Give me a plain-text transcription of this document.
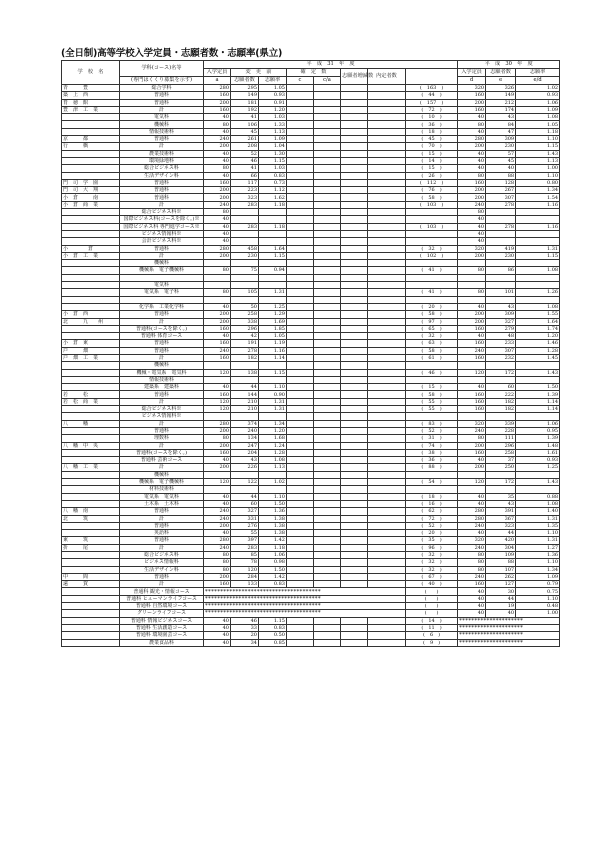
(全日制)高等学校入学定員・志願者数・志願率(県立)
学　校　名	学科(コース)名等	平　成　31　年　度								平　成　30　年　度		
		入学定員	変　更　前		確　定　数		志願者増減数	内定者数		入学定員	志願者数	志願率
	(専門はくくり募集を示す)	a	志願者数	志願率	c	c/a				d	e	e/d
青　　　豊	総合学科	280	295	1.05					(　163　)	320	326	1.02
築　上　西	普通科	160	149	0.93					(　44　)	160	149	0.93
育　徳　館	普通科	200	181	0.91					(　157　)	200	212	1.06
豊　津　工　業	計	160	192	1.20					(　72　)	160	174	1.09
	電気科	40	41	1.03					(　10　)	40	43	1.08
	機械科	80	106	1.33					(　36　)	80	84	1.05
	情報技術科	40	45	1.13					(　18　)	40	47	1.18
京　　　都	普通科	240	261	1.09					(　45　)	280	309	1.10
行　　　橋	計	200	208	1.04					(　70　)	200	230	1.15
	農業技術科	40	52	1.30					(　15　)	40	57	1.43
	環境緑地科	40	46	1.15					(　14　)	40	45	1.13
	総合ビジネス科	80	41	1.03					(　15　)	40	40	1.00
	生活デザイン科	40	66	0.83					(　26　)	80	88	1.10
門　司　学　園	普通科	160	117	0.73					(　112　)	160	128	0.80
門　司　大　翔	普通科	200	223	1.12					(　76　)	200	267	1.34
小　倉　　　南	普通科	200	323	1.62					(　58　)	200	307	1.54
小　倉　商　業	計	240	283	1.18					(　103　)	240	278	1.16
	総合ビジネス科※	80								80		
	国際ビジネス科(コースを除く。)※	40								40		
	国際ビジネス科 専門進学コース※	40	283	1.18					(　103　)	40	278	1.16
	ビジネス情報科※	40								40		
	会計ビジネス科※	40								40		
小　　　　倉	普通科	280	458	1.64					(　32　)	320	419	1.31
小　倉　工　業	計	200	230	1.15					(　102　)	200	230	1.15
	機械科											
	機械系　電子機械科	80	75	0.94					(　41　)	80	86	1.08

	電気科											
	電気系　電子科	80	105	1.31					(　41　)	80	101	1.26

	化学系　工業化学科	40	50	1.25					(　20　)	40	43	1.08
小　倉　西	普通科	200	258	1.29					(　58　)	200	309	1.55
北　　　九　　州	計	200	338	1.69					(　97　)	200	327	1.64
	普通科(コースを除く。)	160	296	1.85					(　65　)	160	279	1.74
	普通科 体育コース	40	42	1.05					(　32　)	40	48	1.20
小　倉　東	普通科	160	191	1.19					(　63　)	160	233	1.46
戸　　　畑	普通科	240	278	1.16					(　58　)	240	307	1.28
戸　畑　工　業	計	160	182	1.14					(　61　)	160	232	1.45
	機械科											
	機械・電気系　電気科	120	138	1.15					(　46　)	120	172	1.43
	情報技術科											
	建築系　建築科	40	44	1.10					(　15　)	40	60	1.50
若　　　松	普通科	160	144	0.90					(　58　)	160	222	1.39
若　松　商　業	計	120	210	1.31					(　55　)	160	182	1.14
	総合ビジネス科※	120	210	1.31					(　55　)	160	182	1.14
	ビジネス情報科※											
八　　　幡	計	280	374	1.34					(　83　)	320	339	1.06
	普通科	200	240	1.20					(　52　)	240	228	0.95
	理数科	80	134	1.68					(　31　)	80	111	1.39
八　幡　中　央	計	200	247	1.24					(　74　)	200	296	1.48
	普通科(コースを除く。)	160	204	1.28					(　38　)	160	258	1.61
	普通科 芸術コース	40	43	1.08					(　36　)	40	37	0.93
八　幡　工　業	計	200	226	1.13					(　88　)	200	250	1.25
	機械科											
	機械系　電子機械科	120	122	1.02					(　54　)	120	172	1.43
	材料技術科											
	電気系　電気科	40	44	1.10					(　18　)	40	35	0.88
	土木系　土木科	40	60	1.50					(　16　)	40	43	1.08
八　幡　南	普通科	240	327	1.36					(　62　)	280	391	1.40
北　　　筑	計	240	331	1.38					(　72　)	280	367	1.31
	普通科	200	276	1.38					(　52　)	240	323	1.35
	英語科	40	55	1.38					(　20　)	40	44	1.10
東　　　筑	普通科	280	397	1.42					(　35　)	320	420	1.31
折　　　尾	計	240	283	1.18					(　96　)	240	304	1.27
	総合ビジネス科	80	85	1.06					(　32　)	80	109	1.36
	ビジネス情報科	80	78	0.98					(　32　)	80	88	1.10
	生活デザイン科	80	120	1.50					(　32　)	80	107	1.34
中　　　間	普通科	200	284	1.42					(　67　)	240	262	1.09
遠　　　賀	計	160	133	0.83					(　40　)	160	127	0.79
	普通科 観光・情報コース	**************************************							(　　)	40	30	0.75
	普通科 ヒューマンライフコース	**************************************							(　　)	40	44	1.10
	普通科 自然環境コース	**************************************							(　　)	40	19	0.48
	グリーンライフコース	**************************************							(　　)	40	40	1.00
	普通科 情報ビジネスコース	40	46	1.15					(　14　)	*********************		
	普通科 生活創造コース	40	33	0.83					(　11　)	*********************		
	普通科 環境園芸コース	40	20	0.50					(　6　)	*********************		
	農業食品科	40	34	0.85					(　9　)	*********************		
